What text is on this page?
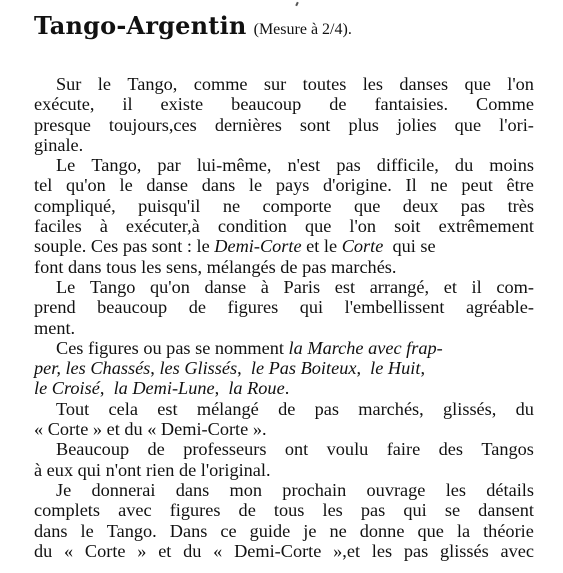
Tango-Argentin (Mesure à 2/4).
Sur le Tango, comme sur toutes les danses que l'on
exécute, il existe beaucoup de fantaisies. Comme
presque toujours,ces dernières sont plus jolies que l'ori-
ginale.
Le Tango, par lui-même, n'est pas difficile, du moins
tel qu'on le danse dans le pays d'origine. Il ne peut être
compliqué, puisqu'il ne comporte que deux pas très
faciles à exécuter,à condition que l'on soit extrêmement
souple. Ces pas sont : le Demi-Corte et le Corte  qui se
font dans tous les sens, mélangés de pas marchés.
Le Tango qu'on danse à Paris est arrangé, et il com-
prend beaucoup de figures qui l'embellissent agréable-
ment.
Ces figures ou pas se nomment la Marche avec frap-
per, les Chassés, les Glissés,  le Pas Boiteux,  le Huit,
le Croisé,  la Demi-Lune,  la Roue.
Tout cela est mélangé de pas marchés, glissés, du
« Corte » et du « Demi-Corte ».
Beaucoup de professeurs ont voulu faire des Tangos
à eux qui n'ont rien de l'original.
Je donnerai dans mon prochain ouvrage les détails
complets avec figures de tous les pas qui se dansent
dans le Tango. Dans ce guide je ne donne que la théorie
du « Corte » et du « Demi-Corte »,et les pas glissés avec
